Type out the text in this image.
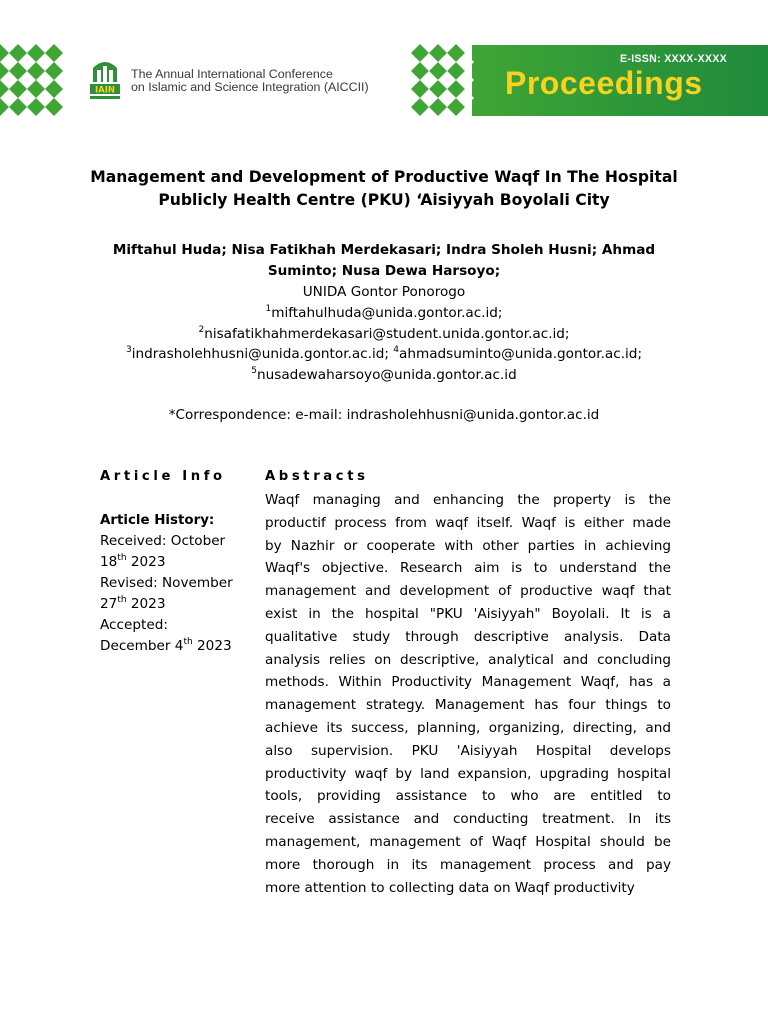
IAIN
The Annual International Conference
on Islamic and Science Integration (AICCII)
E-ISSN: XXXX-XXXX
Proceedings
Management and Development of Productive Waqf In The Hospital
Publicly Health Centre (PKU) ‘Aisiyyah Boyolali City
Miftahul Huda; Nisa Fatikhah Merdekasari; Indra Sholeh Husni; Ahmad
Suminto; Nusa Dewa Harsoyo;
UNIDA Gontor Ponorogo
$^1$miftahulhuda@unida.gontor.ac.id;
$^2$nisafatikhahmerdekasari@student.unida.gontor.ac.id;
$^3$indrasholehhusni@unida.gontor.ac.id; $^4$ahmadsuminto@unida.gontor.ac.id;
$^5$nusadewaharsoyo@unida.gontor.ac.id
*Correspondence: e-mail: indrasholehhusni@unida.gontor.ac.id
Article Info
Article History:
Received: October
18th 2023
Revised: November
27th 2023
Accepted:
December 4th 2023
Abstracts
Waqf managing and enhancing the property is the
productif process from waqf itself. Waqf is either made
by Nazhir or cooperate with other parties in achieving
Waqf's objective. Research aim is to understand the
management and development of productive waqf that
exist in the hospital "PKU 'Aisiyyah" Boyolali. It is a
qualitative study through descriptive analysis. Data
analysis relies on descriptive, analytical and concluding
methods. Within Productivity Management Waqf, has a
management strategy. Management has four things to
achieve its success, planning, organizing, directing, and
also supervision. PKU 'Aisiyyah Hospital develops
productivity waqf by land expansion, upgrading hospital
tools, providing assistance to who are entitled to
receive assistance and conducting treatment. In its
management, management of Waqf Hospital should be
more thorough in its management process and pay
more attention to collecting data on Waqf productivity
